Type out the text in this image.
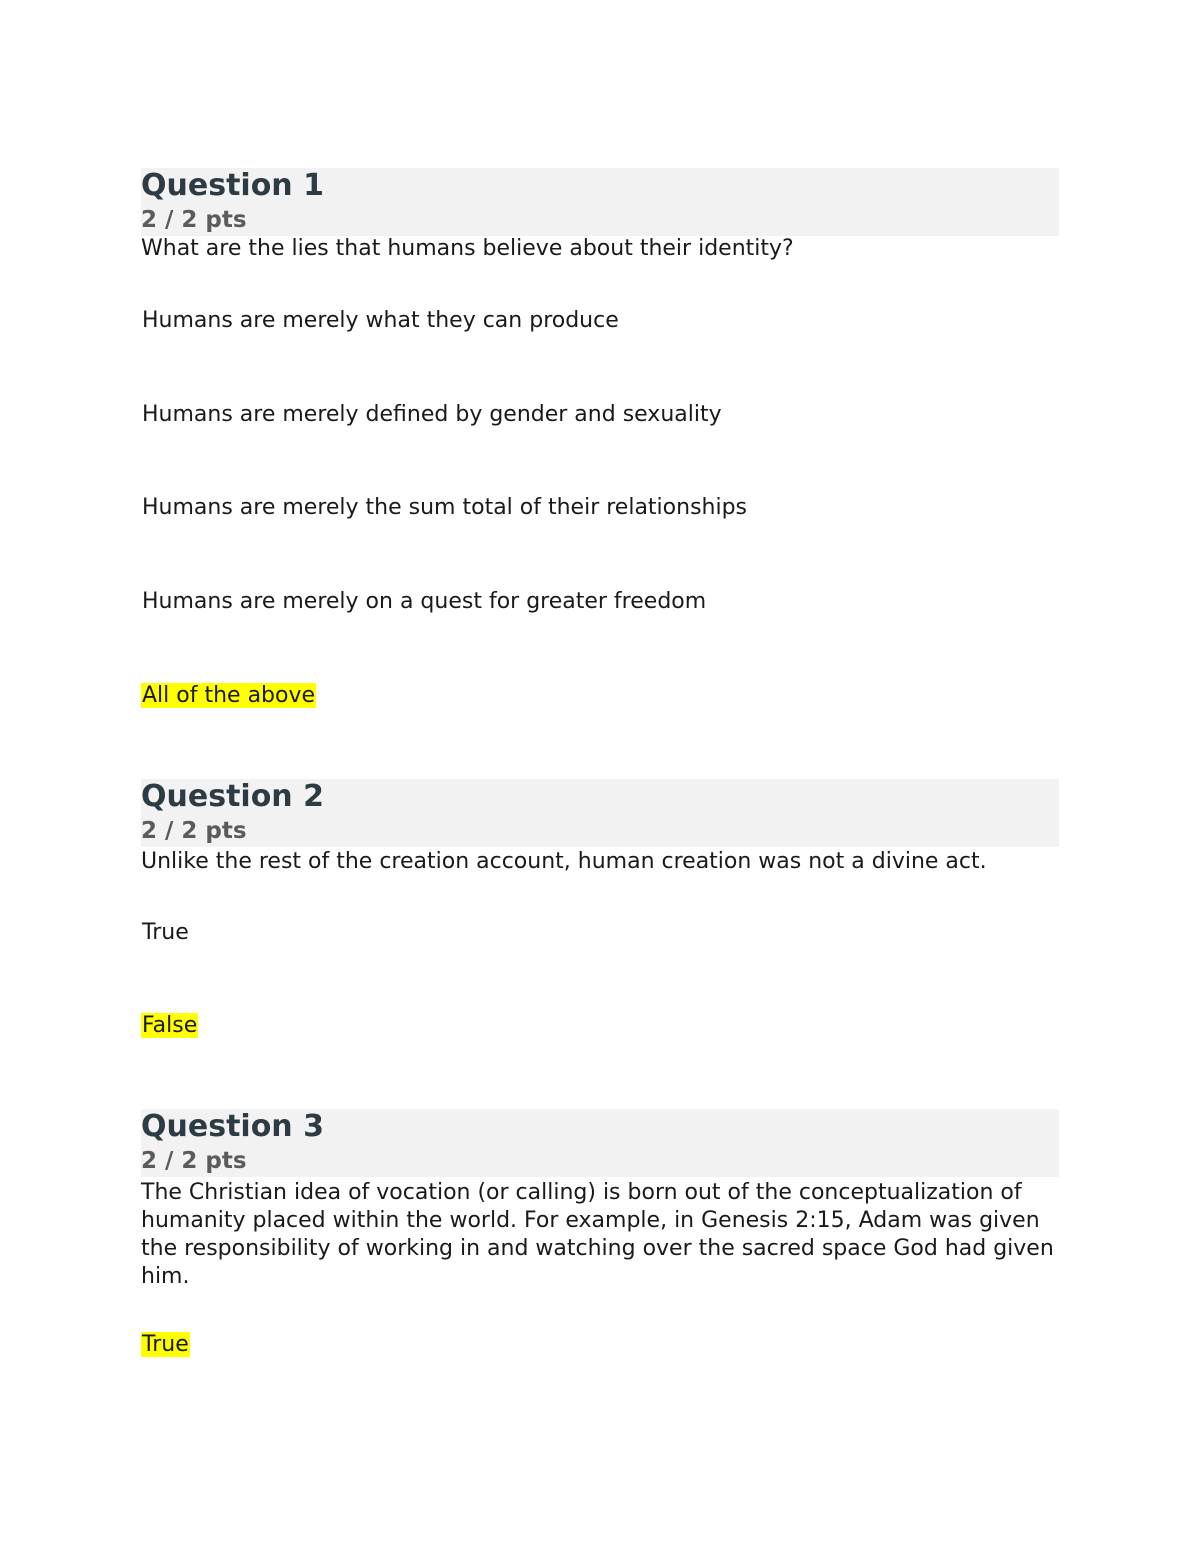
Question 1
2 / 2 pts

What are the lies that humans believe about their identity?

Humans are merely what they can produce
Humans are merely defined by gender and sexuality
Humans are merely the sum total of their relationships
Humans are merely on a quest for greater freedom
All of the above
Question 2
2 / 2 pts

Unlike the rest of the creation account, human creation was not a divine act.

True
False
Question 3
2 / 2 pts

The Christian idea of vocation (or calling) is born out of the conceptualization of humanity placed within the world. For example, in Genesis 2:15, Adam was given the responsibility of working in and watching over the sacred space God had given him.

True
